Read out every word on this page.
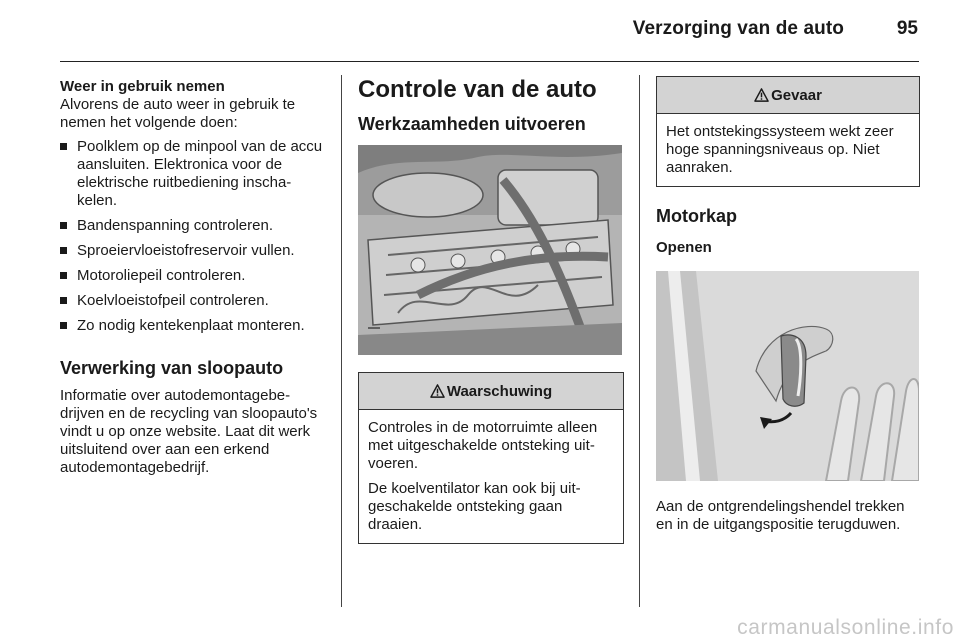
Verzorging van de auto	95
Weer in gebruik nemen

Alvorens de auto weer in gebruik te nemen het volgende doen:

Poolklem op de minpool van de accu aansluiten. Elektronica voor de elektrische ruitbediening inschakelen.
Bandenspanning controleren.
Sproeiervloeistofreservoir vullen.
Motoroliepeil controleren.
Koelvloeistofpeil controleren.
Zo nodig kentekenplaat monteren.
Verwerking van sloopauto

Informatie over autodemontagebedrijven en de recycling van sloopauto's vindt u op onze website. Laat dit werk uitsluitend over aan een erkend autodemontagebedrijf.

Controle van de auto
Werkzaamheden uitvoeren
Waarschuwing

Controles in de motorruimte alleen met uitgeschakelde ontsteking uitvoeren.

De koelventilator kan ook bij uitgeschakelde ontsteking gaan draaien.

Gevaar

Het ontstekingssysteem wekt zeer hoge spanningsniveaus op. Niet aanraken.

Motorkap
Openen

Aan de ontgrendelingshendel trekken en in de uitgangspositie terugduwen.

carmanualsonline.info
